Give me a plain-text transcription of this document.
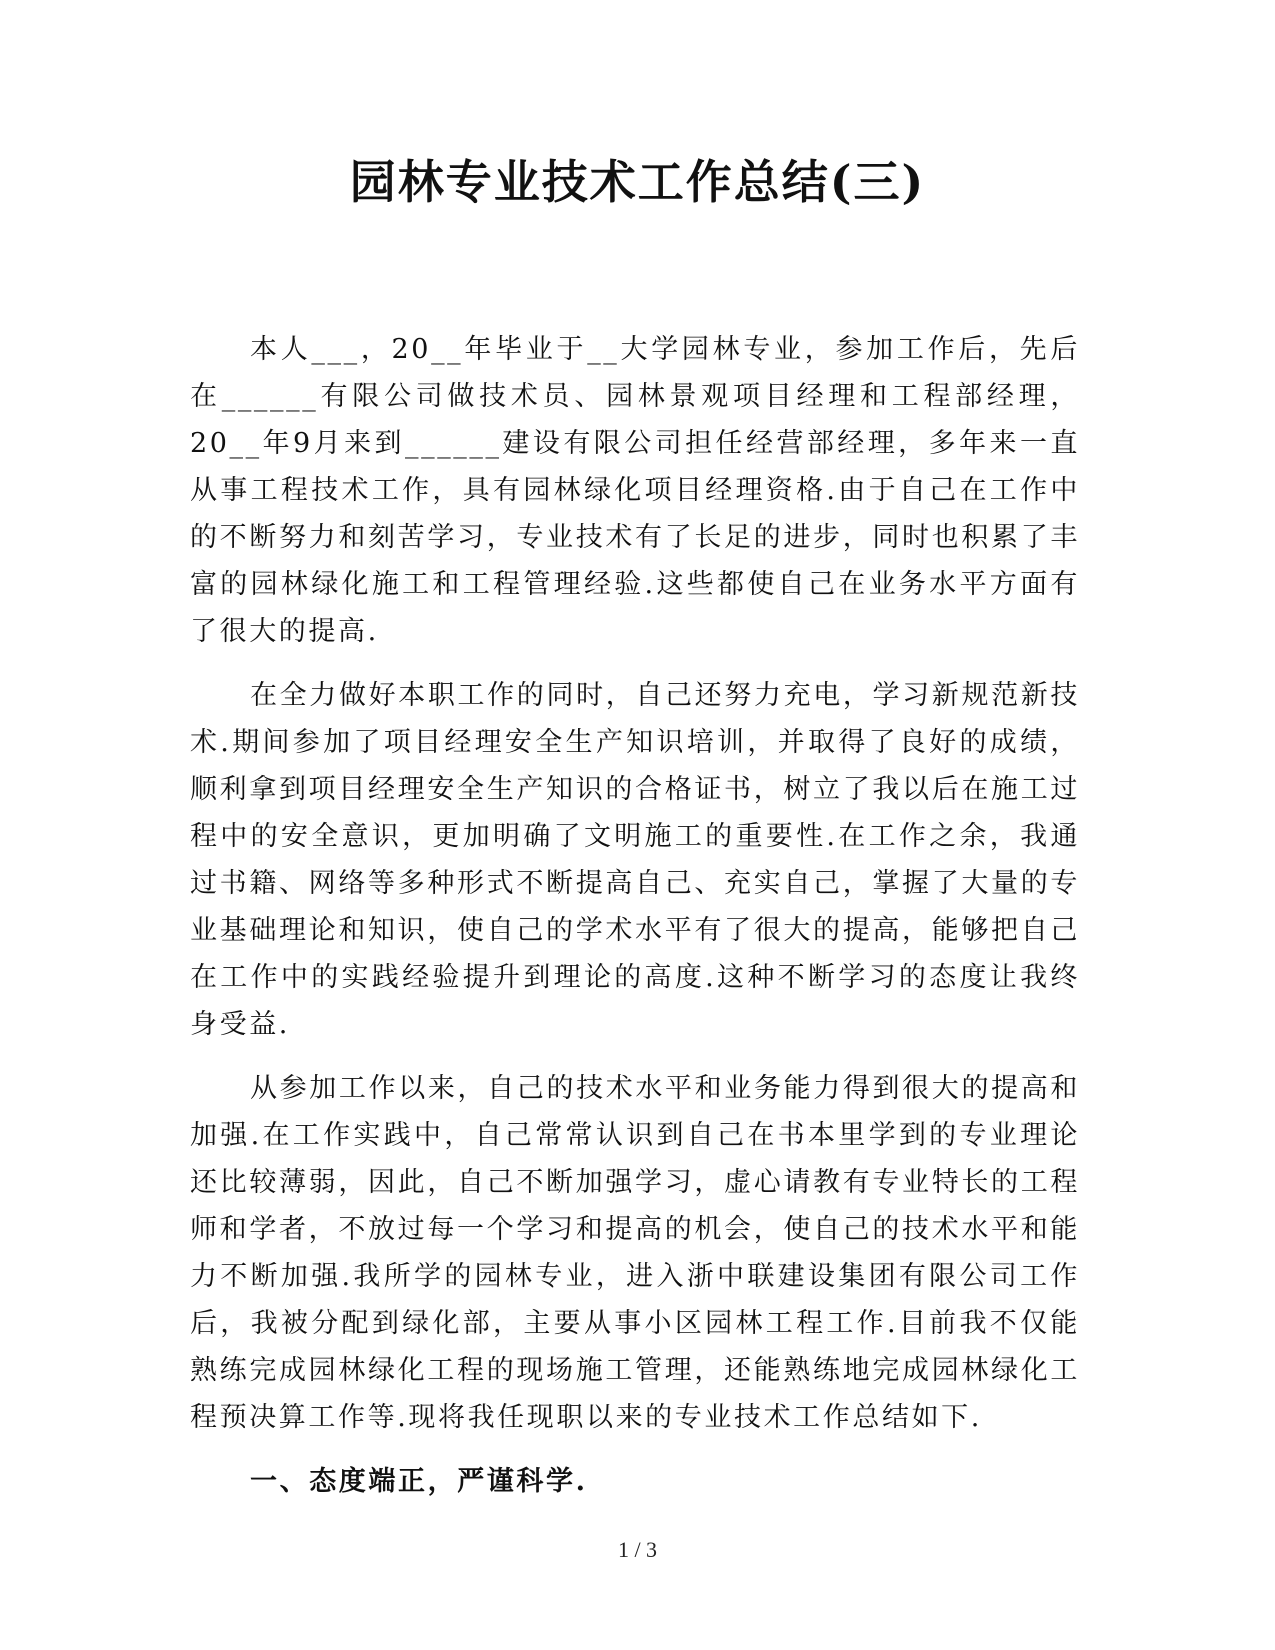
园林专业技术工作总结(三)

本人___，20__年毕业于__大学园林专业，参加工作后，先后在______有限公司做技术员、园林景观项目经理和工程部经理，20__年9月来到______建设有限公司担任经营部经理，多年来一直从事工程技术工作，具有园林绿化项目经理资格.由于自己在工作中的不断努力和刻苦学习，专业技术有了长足的进步，同时也积累了丰富的园林绿化施工和工程管理经验.这些都使自己在业务水平方面有了很大的提高.

在全力做好本职工作的同时，自己还努力充电，学习新规范新技术.期间参加了项目经理安全生产知识培训，并取得了良好的成绩，顺利拿到项目经理安全生产知识的合格证书，树立了我以后在施工过程中的安全意识，更加明确了文明施工的重要性.在工作之余，我通过书籍、网络等多种形式不断提高自己、充实自己，掌握了大量的专业基础理论和知识，使自己的学术水平有了很大的提高，能够把自己在工作中的实践经验提升到理论的高度.这种不断学习的态度让我终身受益.

从参加工作以来，自己的技术水平和业务能力得到很大的提高和加强.在工作实践中，自己常常认识到自己在书本里学到的专业理论还比较薄弱，因此，自己不断加强学习，虚心请教有专业特长的工程师和学者，不放过每一个学习和提高的机会，使自己的技术水平和能力不断加强.我所学的园林专业，进入浙中联建设集团有限公司工作后，我被分配到绿化部，主要从事小区园林工程工作.目前我不仅能熟练完成园林绿化工程的现场施工管理，还能熟练地完成园林绿化工程预决算工作等.现将我任现职以来的专业技术工作总结如下.

一、态度端正，严谨科学.
1 / 3
